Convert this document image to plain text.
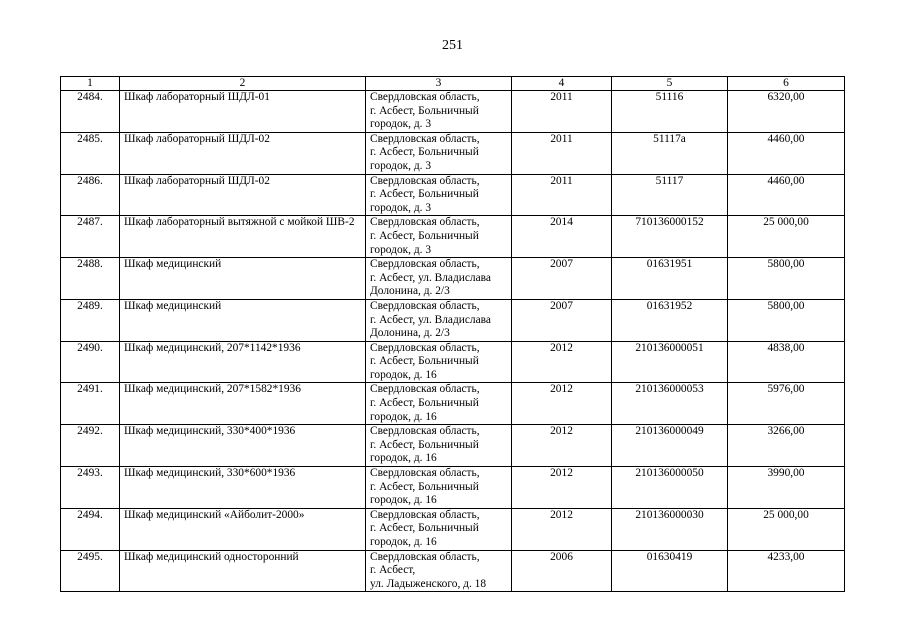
251
1	2	3	4	5	6
2484.	Шкаф лабораторный ШДЛ-01	Свердловская область,
г. Асбест, Больничный
городок, д. 3	2011	51116	6320,00
2485.	Шкаф лабораторный ШДЛ-02	Свердловская область,
г. Асбест, Больничный
городок, д. 3	2011	51117а	4460,00
2486.	Шкаф лабораторный ШДЛ-02	Свердловская область,
г. Асбест, Больничный
городок, д. 3	2011	51117	4460,00
2487.	Шкаф лабораторный вытяжной с мойкой ШВ-2	Свердловская область,
г. Асбест, Больничный
городок, д. 3	2014	710136000152	25 000,00
2488.	Шкаф медицинский	Свердловская область,
г. Асбест, ул. Владислава
Долонина, д. 2/3	2007	01631951	5800,00
2489.	Шкаф медицинский	Свердловская область,
г. Асбест, ул. Владислава
Долонина, д. 2/3	2007	01631952	5800,00
2490.	Шкаф медицинский, 207*1142*1936	Свердловская область,
г. Асбест, Больничный
городок, д. 16	2012	210136000051	4838,00
2491.	Шкаф медицинский, 207*1582*1936	Свердловская область,
г. Асбест, Больничный
городок, д. 16	2012	210136000053	5976,00
2492.	Шкаф медицинский, 330*400*1936	Свердловская область,
г. Асбест, Больничный
городок, д. 16	2012	210136000049	3266,00
2493.	Шкаф медицинский, 330*600*1936	Свердловская область,
г. Асбест, Больничный
городок, д. 16	2012	210136000050	3990,00
2494.	Шкаф медицинский «Айболит-2000»	Свердловская область,
г. Асбест, Больничный
городок, д. 16	2012	210136000030	25 000,00
2495.	Шкаф медицинский односторонний	Свердловская область,
г. Асбест,
ул. Ладыженского, д. 18	2006	01630419	4233,00
